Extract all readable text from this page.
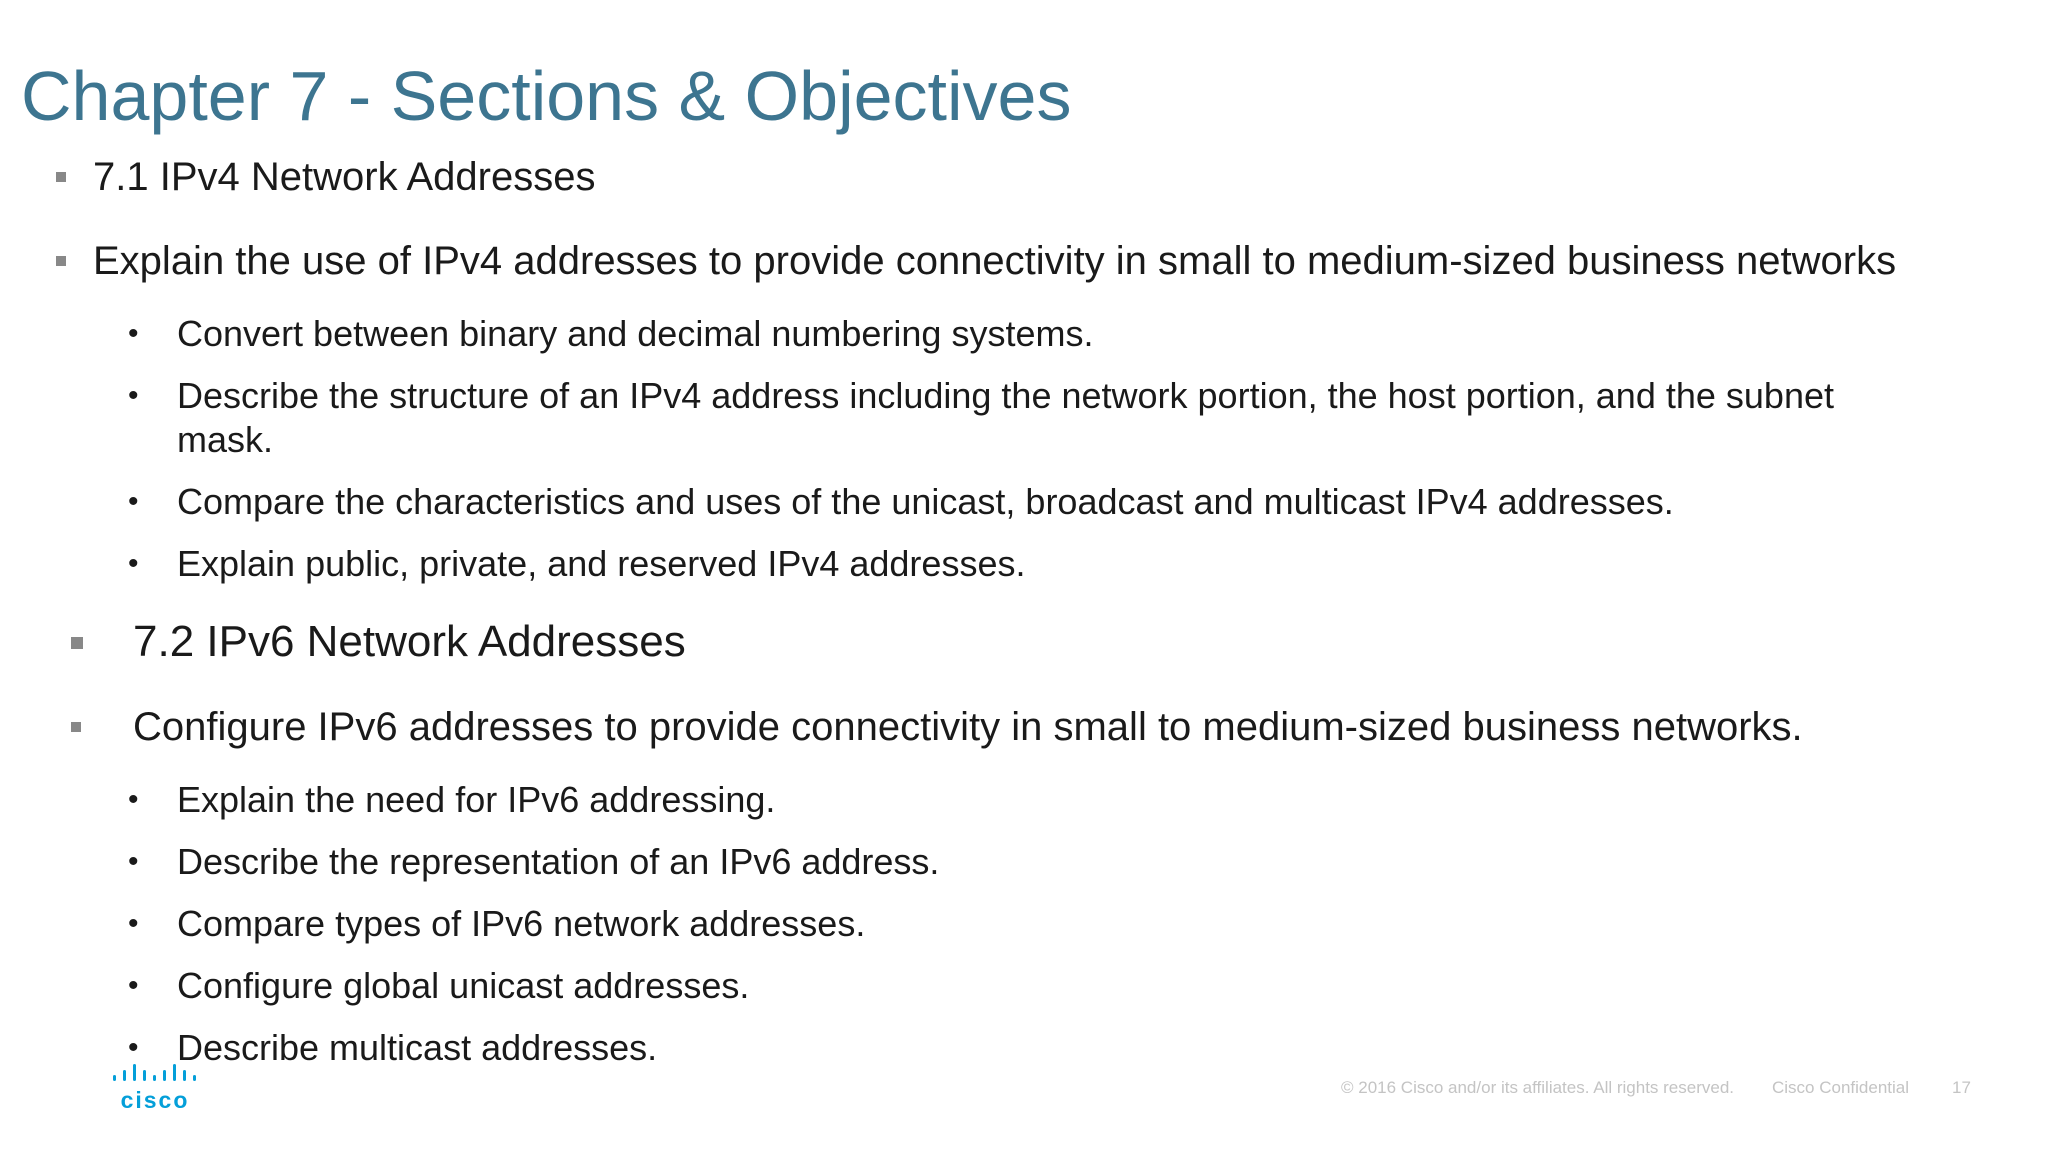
Chapter 7 - Sections & Objectives
7.1 IPv4 Network Addresses
Explain the use of IPv4 addresses to provide connectivity in small to medium-sized business networks
• Convert between binary and decimal numbering systems.
• Describe the structure of an IPv4 address including the network portion, the host portion, and the subnet
mask.
• Compare the characteristics and uses of the unicast, broadcast and multicast IPv4 addresses.
• Explain public, private, and reserved IPv4 addresses.
7.2 IPv6 Network Addresses
Configure IPv6 addresses to provide connectivity in small to medium-sized business networks.
• Explain the need for IPv6 addressing.
• Describe the representation of an IPv6 address.
• Compare types of IPv6 network addresses.
• Configure global unicast addresses.
• Describe multicast addresses.
cisco	© 2016 Cisco and/or its affiliates. All rights reserved. Cisco Confidential	17
